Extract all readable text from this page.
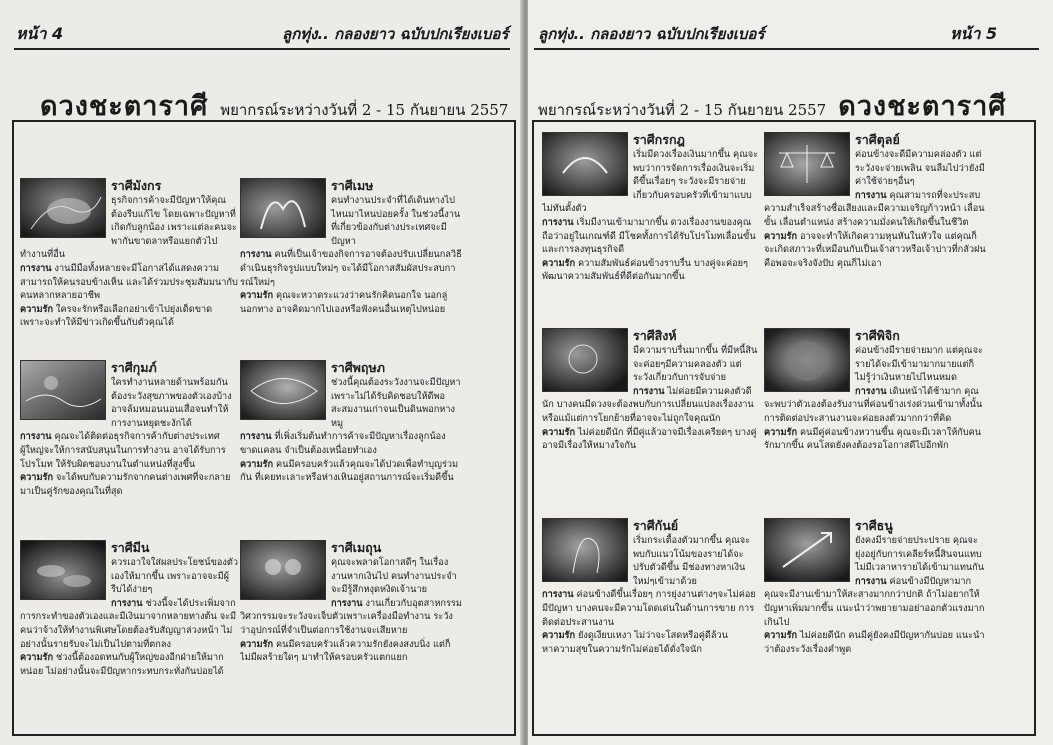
หน้า 4	ลูกทุ่ง.. กลองยาว ฉบับปกเรียงเบอร์
ดวงชะตาราศี พยากรณ์ระหว่างวันที่ 2 - 15 กันยายน 2557
ราศีมังกร
ธุรกิจการค้าจะมีปัญหาให้คุณต้องรีบแก้ไข โดยเฉพาะปัญหาที่เกิดกับลูกน้อง เพราะแต่ละคนจะพากันขาดลาหรือแยกตัวไปทำงานที่อื่น
การงาน งานมีมือทั้งหลายจะมีโอกาสได้แสดงความสามารถให้คนรอบข้างเห็น และได้ร่วมประชุมสัมมนากับคนหลากหลายอาชีพ
ความรัก ใครจะรักหรือเลือกอย่าเข้าไปยุ่งเด็ดขาด เพราะจะทำให้มีข่าวเกิดขึ้นกับตัวคุณได้
ราศีเมษ
คนทำงานประจำที่ได้เดินทางไปไหนมาไหนบ่อยครั้ง ในช่วงนี้งานที่เกี่ยวข้องกับต่างประเทศจะมีปัญหา
การงาน คนที่เป็นเจ้าของกิจการอาจต้องปรับเปลี่ยนกลวิธีดำเนินธุรกิจรูปแบบใหม่ๆ จะได้มีโอกาสสัมผัสประสบการณ์ใหม่ๆ
ความรัก คุณจะหวาดระแวงว่าคนรักคิดนอกใจ นอกลู่นอกทาง อาจคิดมากไปเองหรือฟังคนอื่นเหตุไปหน่อย
ราศีกุมภ์
ใครทำงานหลายด้านพร้อมกันต้องระวังสุขภาพของตัวเองบ้าง อาจล้มหมอนนอนเสื่อจนทำให้การงานหยุดชะงักได้
การงาน คุณจะได้ติดต่อธุรกิจการค้ากับต่างประเทศ ผู้ใหญ่จะให้การสนับสนุนในการทำงาน อาจได้รับการโปรโมท ให้รับผิดชอบงานในตำแหน่งที่สูงขึ้น
ความรัก จะได้พบกับความรักจากคนต่างเพศที่จะกลายมาเป็นคู่รักของคุณในที่สุด
ราศีพฤษภ
ช่วงนี้คุณต้องระวังงานจะมีปัญหา เพราะไม่ได้รับคิดชอบให้ดีพอ สะสมงานเก่าจนเป็นดินพอกหางหมู
การงาน ที่เพิ่งเริ่มต้นทำการค้าจะมีปัญหาเรื่องลูกน้องขาดแคลน จำเป็นต้องเหนื่อยทำเอง
ความรัก คนมีครอบครัวแล้วคุณจะได้ปวดเพื่อทำบุญร่วมกัน ที่เคยทะเลาะหรือห่างเหินอยู่สถานการณ์จะเริ่มดีขึ้น
ราศีมีน
ควรเอาใจใส่ผลประโยชน์ของตัวเองให้มากขึ้น เพราะอาจจะมีผู้รีบได้ง่ายๆ
การงาน ช่วงนี้จะได้ประเพิ่มจากการกระทำของตัวเองและมีเงินมาจากหลายทางต้น จะมีคนว่าจ้างให้ทำงานพิเศษโดยต้องรับสัญญาล่วงหน้า ไม่อย่างนั้นรายรับจะไม่เป็นไปตามที่ตกลง
ความรัก ช่วงนี้ต้องอดทนกับผู้ใหญ่ของอีกฝ่ายให้มากหน่อย ไม่อย่างนั้นจะมีปัญหากระทบกระทั่งกันบ่อยได้
ราศีเมถุน
คุณจะพลาดโอกาสดีๆ ในเรื่องงานหากเงินไป คนทำงานประจำจะมีรู้สึกหงุดหงิดเจ้านาย
การงาน งานเกี่ยวกับอุตสาหกรรม วิศวกรรมจะระวังจะเจ็บตัวเพราะเครื่องมือทำงาน ระวังว่าอุปกรณ์ที่จำเป็นต่อการใช้งานจะเสียหาย
ความรัก คนมีครอบครัวแล้วความรักยังคงสงบนิ่ง แต่ก็ไม่มีผลร้ายใดๆ มาทำให้ครอบครัวแตกแยก
ลูกทุ่ง.. กลองยาว ฉบับปกเรียงเบอร์	หน้า 5
พยากรณ์ระหว่างวันที่ 2 - 15 กันยายน 2557 ดวงชะตาราศี
ราศีกรกฎ
เริ่มมีดวงเรื่องเงินมากขึ้น คุณจะพบว่าการจัดการเรื่องเงินจะเริ่มดีขึ้นเรื่อยๆ ระวังจะมีรายจ่ายเกี่ยวกับครอบครัวที่เข้ามาแบบไม่ทันตั้งตัว
การงาน เริ่มมีงานเข้ามามากขึ้น ดวงเรื่องงานของคุณถือว่าอยู่ในเกณฑ์ดี มีโชคทั้งการได้รับโปรโมทเลื่อนขั้นและการลงทุนธุรกิจดี
ความรัก ความสัมพันธ์ค่อนข้างราบรื่น บางคู่จะค่อยๆพัฒนาความสัมพันธ์ที่ดีต่อกันมากขึ้น
ราศีตุลย์
ค่อนข้างจะดีมีความคล่องตัว แต่ระวังจะจ่ายเพลิน จนลืมไปว่ายังมีค่าใช้จ่ายๆอื่นๆ
การงาน คุณสามารถที่จะประสบความสำเร็จสร้างชื่อเสียงและมีความเจริญก้าวหน้า เลื่อนขั้น เลื่อนตำแหน่ง สร้างความมั่งคนให้เกิดขึ้นในชีวิต
ความรัก อาจจะทำให้เกิดความหุนหันในหัวใจ แต่คุณก็จะเกิดสภาวะที่เหมือนกับเป็นเจ้าสาวหรือเจ้าบ่าวที่กลัวฝน คือพอจะจริงจังปับ คุณก็ไม่เอา
ราศีสิงห์
มีความราบรื่นมากขึ้น ที่มีหนี้สินจะค่อยๆมีความคลองตัว แต่ระวังเกี่ยวกับการจับจ่าย
การงาน ไม่ค่อยมีความคงตัวดีนัก บางคนมีดวงจะต้องพบกับการเปลี่ยนแปลงเรื่องงาน หรือแม้แต่การโยกย้ายที่อาจจะไม่ถูกใจคุณนัก
ความรัก ไม่ค่อยดีนัก ที่มีคู่แล้วอาจมีเรื่องเครียดๆ บางคู่อาจมีเรื่องให้หมางใจกัน
ราศีพิจิก
ค่อนข้างมีรายจ่ายมาก แต่คุณจะรายได้จะมีเข้ามามากมายแต่ก็ไม่รู้ว่าเงินหายไปไหนหมด
การงาน เดินหน้าได้ช้ามาก คุณจะพบว่าตัวเองต้องรับงานที่ค่อนข้างเร่งด่วนเข้ามาทั้งนั้น การติดต่อประสานงานจะค่อยลงตัวมากกว่าที่คิด
ความรัก คนมีคู่ค่อนข้างหวานขึ้น คุณจะมีเวลาให้กับคนรักมากขึ้น คนโสดยังคงต้องรอโอกาสดีไปอีกพัก
ราศีกันย์
เริ่มกระเตื้องตัวมากขึ้น คุณจะพบกับแนวโน้มของรายได้จะปรับตัวดีขึ้น มีช่องทางหาเงินใหม่ๆเข้ามาด้วย
การงาน ค่อนข้างดีขึ้นเรื่อยๆ การยุ่งงานต่างๆจะไม่ค่อยมีปัญหา บางคนจะมีความโดดเด่นในด้านการขาย การติดต่อประสานงาน
ความรัก ยังดูเงียบเหงา ไม่ว่าจะโสดหรือคู่ดีล้วนหาความสุขในความรักไม่ค่อยได้ดั่งใจนัก
ราศีธนู
ยังคงมีรายจ่ายประปราย คุณจะยุ่งอยู่กับการเคลียร์หนี้สินจนแทบไม่มีเวลาหารายได้เข้ามาแทนกัน
การงาน ค่อนข้างมีปัญหามาก คุณจะมีงานเข้ามาให้สะสางมากกว่าปกติ ถ้าไม่อยากให้ปัญหาเพิ่มมากขึ้น แนะนำว่าพยายามอย่าออกตัวแรงมากเกินไป
ความรัก ไม่ค่อยดีนัก คนมีคู่ยังคงมีปัญหากันบ่อย แนะนำว่าต้องระวังเรื่องคำพูด
